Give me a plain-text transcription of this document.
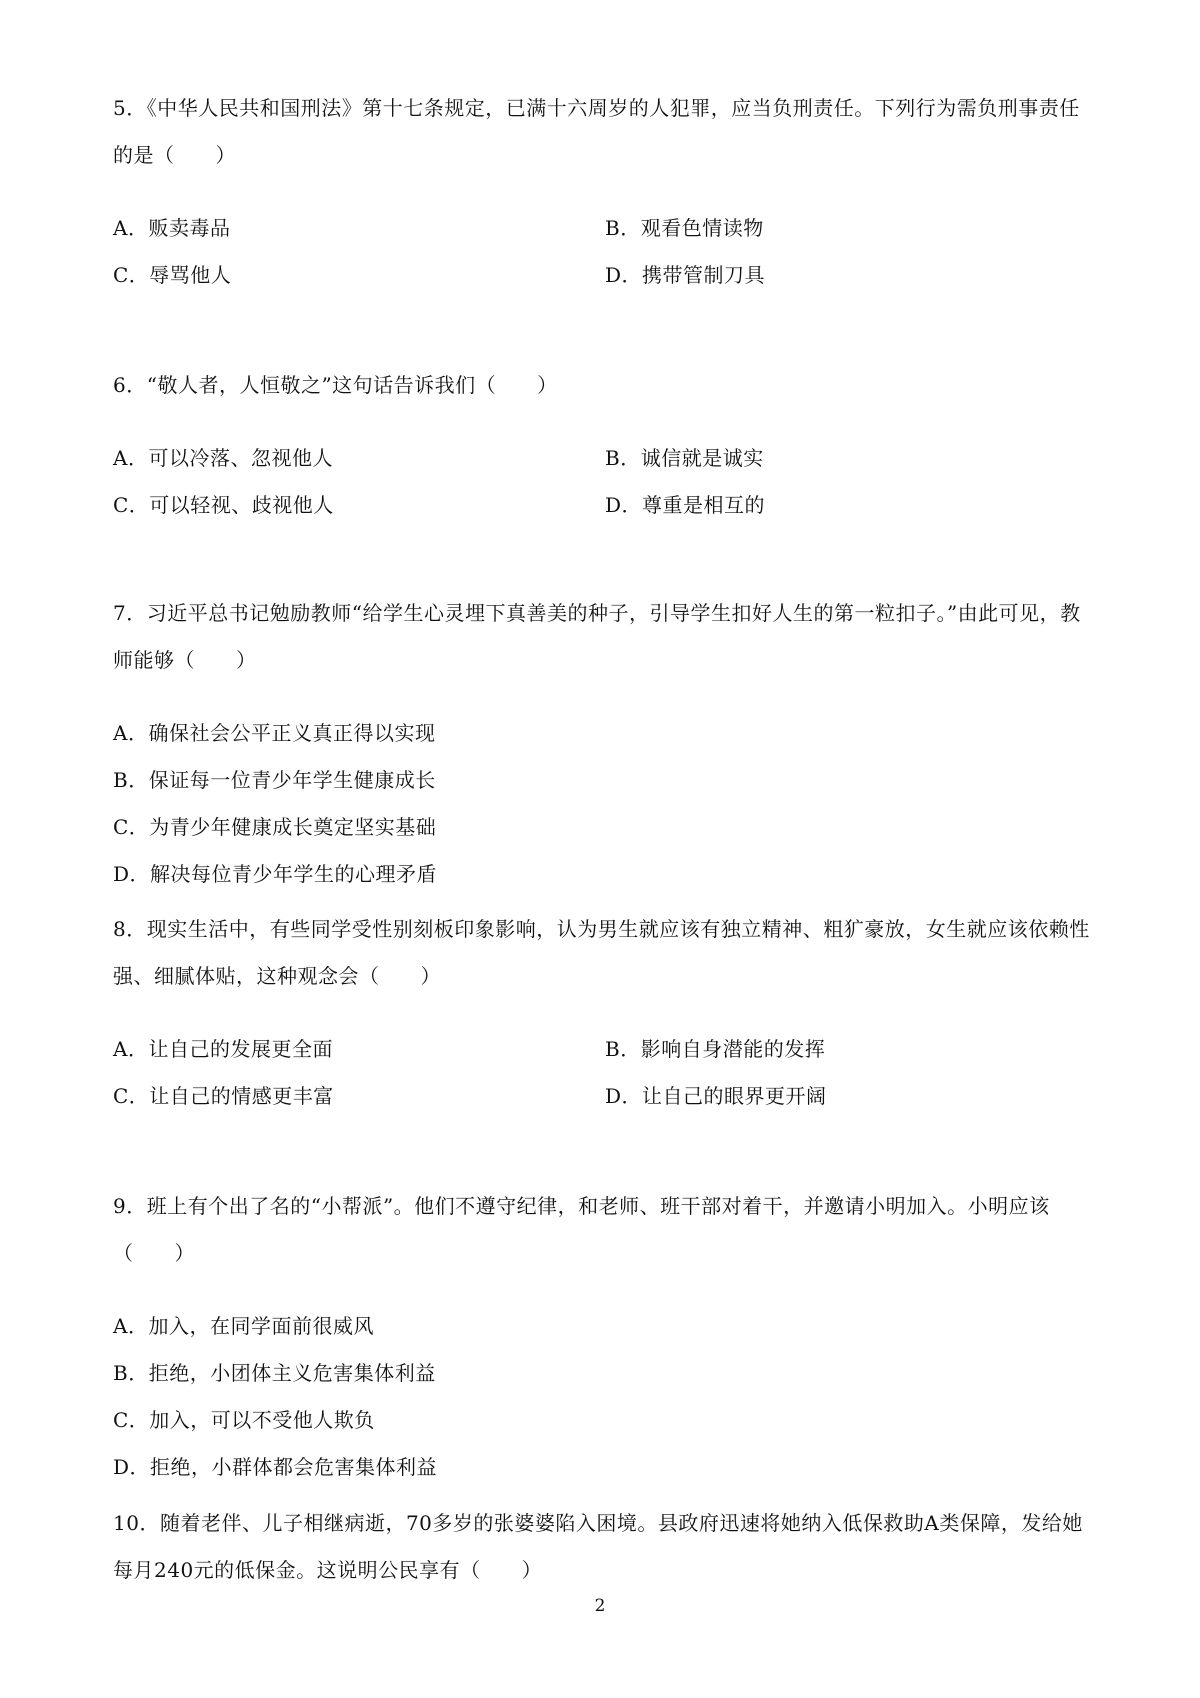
5．《中华人民共和国刑法》第十七条规定，已满十六周岁的人犯罪，应当负刑责任。下列行为需负刑事责任的是（　　）

A．贩卖毒品	B．观看色情读物
C．辱骂他人	D．携带管制刀具

6．“敬人者，人恒敬之”这句话告诉我们（　　）

A．可以冷落、忽视他人	B．诚信就是诚实
C．可以轻视、歧视他人	D．尊重是相互的

7．习近平总书记勉励教师“给学生心灵埋下真善美的种子，引导学生扣好人生的第一粒扣子。”由此可见，教师能够（　　）

A．确保社会公平正义真正得以实现
B．保证每一位青少年学生健康成长
C．为青少年健康成长奠定坚实基础
D．解决每位青少年学生的心理矛盾

8．现实生活中，有些同学受性别刻板印象影响，认为男生就应该有独立精神、粗犷豪放，女生就应该依赖性强、细腻体贴，这种观念会（　　）

A．让自己的发展更全面	B．影响自身潜能的发挥
C．让自己的情感更丰富	D．让自己的眼界更开阔

9．班上有个出了名的“小帮派”。他们不遵守纪律，和老师、班干部对着干，并邀请小明加入。小明应该（　　）

A．加入，在同学面前很威风
B．拒绝，小团体主义危害集体利益
C．加入，可以不受他人欺负
D．拒绝，小群体都会危害集体利益

10．随着老伴、儿子相继病逝，70多岁的张婆婆陷入困境。县政府迅速将她纳入低保救助A类保障，发给她每月240元的低保金。这说明公民享有（　　）

2
